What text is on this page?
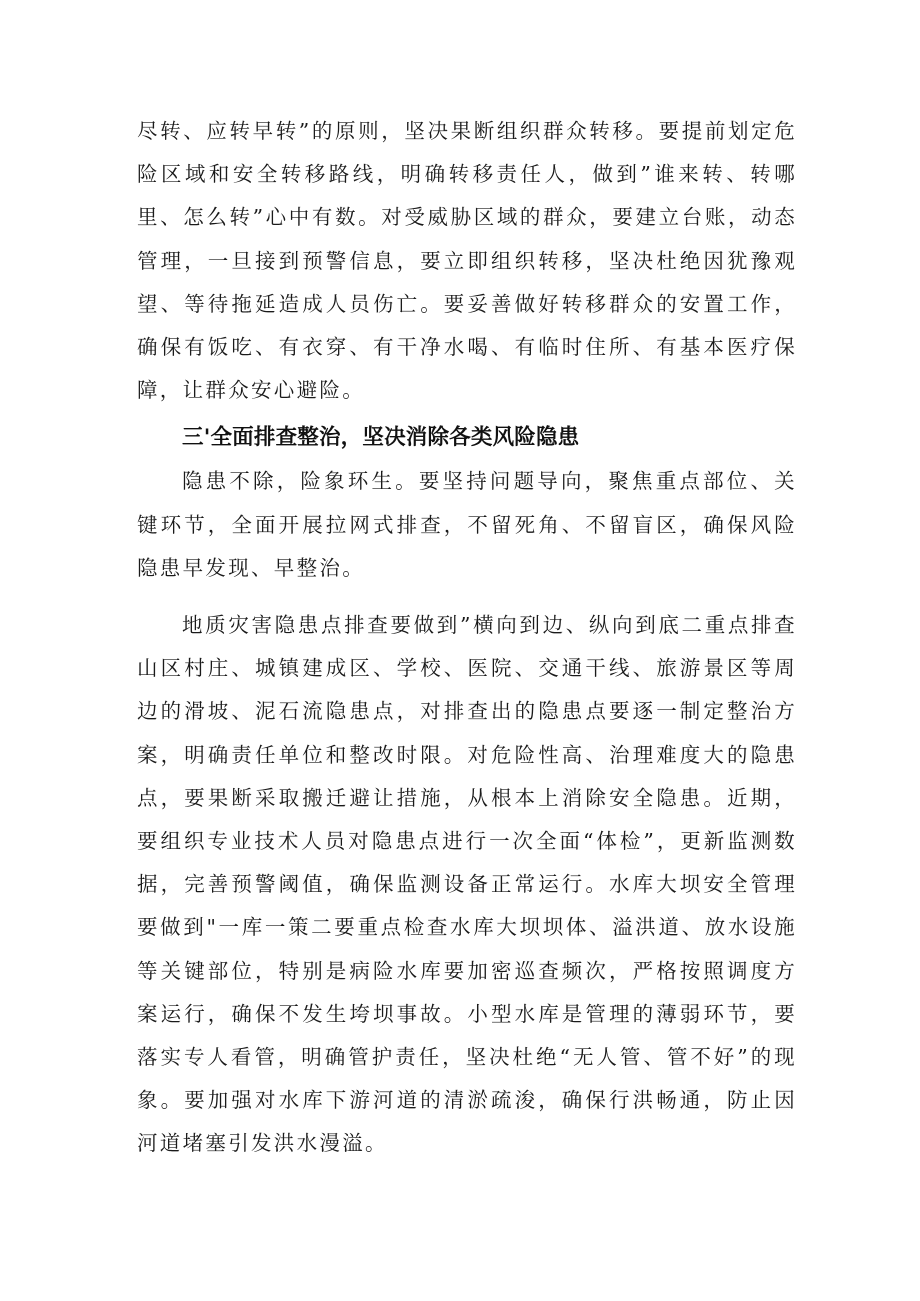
尽转、应转早转”的原则，坚决果断组织群众转移。要提前划定危险区域和安全转移路线，明确转移责任人，做到”谁来转、转哪里、怎么转”心中有数。对受威胁区域的群众，要建立台账，动态管理，一旦接到预警信息，要立即组织转移，坚决杜绝因犹豫观望、等待拖延造成人员伤亡。要妥善做好转移群众的安置工作，确保有饭吃、有衣穿、有干净水喝、有临时住所、有基本医疗保障，让群众安心避险。

三'全面排查整治，坚决消除各类风险隐患

隐患不除，险象环生。要坚持问题导向，聚焦重点部位、关键环节，全面开展拉网式排查，不留死角、不留盲区，确保风险隐患早发现、早整治。

地质灾害隐患点排查要做到”横向到边、纵向到底二重点排查山区村庄、城镇建成区、学校、医院、交通干线、旅游景区等周边的滑坡、泥石流隐患点，对排查出的隐患点要逐一制定整治方案，明确责任单位和整改时限。对危险性高、治理难度大的隐患点，要果断采取搬迁避让措施，从根本上消除安全隐患。近期，要组织专业技术人员对隐患点进行一次全面“体检”，更新监测数据，完善预警阈值，确保监测设备正常运行。水库大坝安全管理要做到"一库一策二要重点检查水库大坝坝体、溢洪道、放水设施等关键部位，特别是病险水库要加密巡查频次，严格按照调度方案运行，确保不发生垮坝事故。小型水库是管理的薄弱环节，要落实专人看管，明确管护责任，坚决杜绝“无人管、管不好”的现象。要加强对水库下游河道的清淤疏浚，确保行洪畅通，防止因河道堵塞引发洪水漫溢。
